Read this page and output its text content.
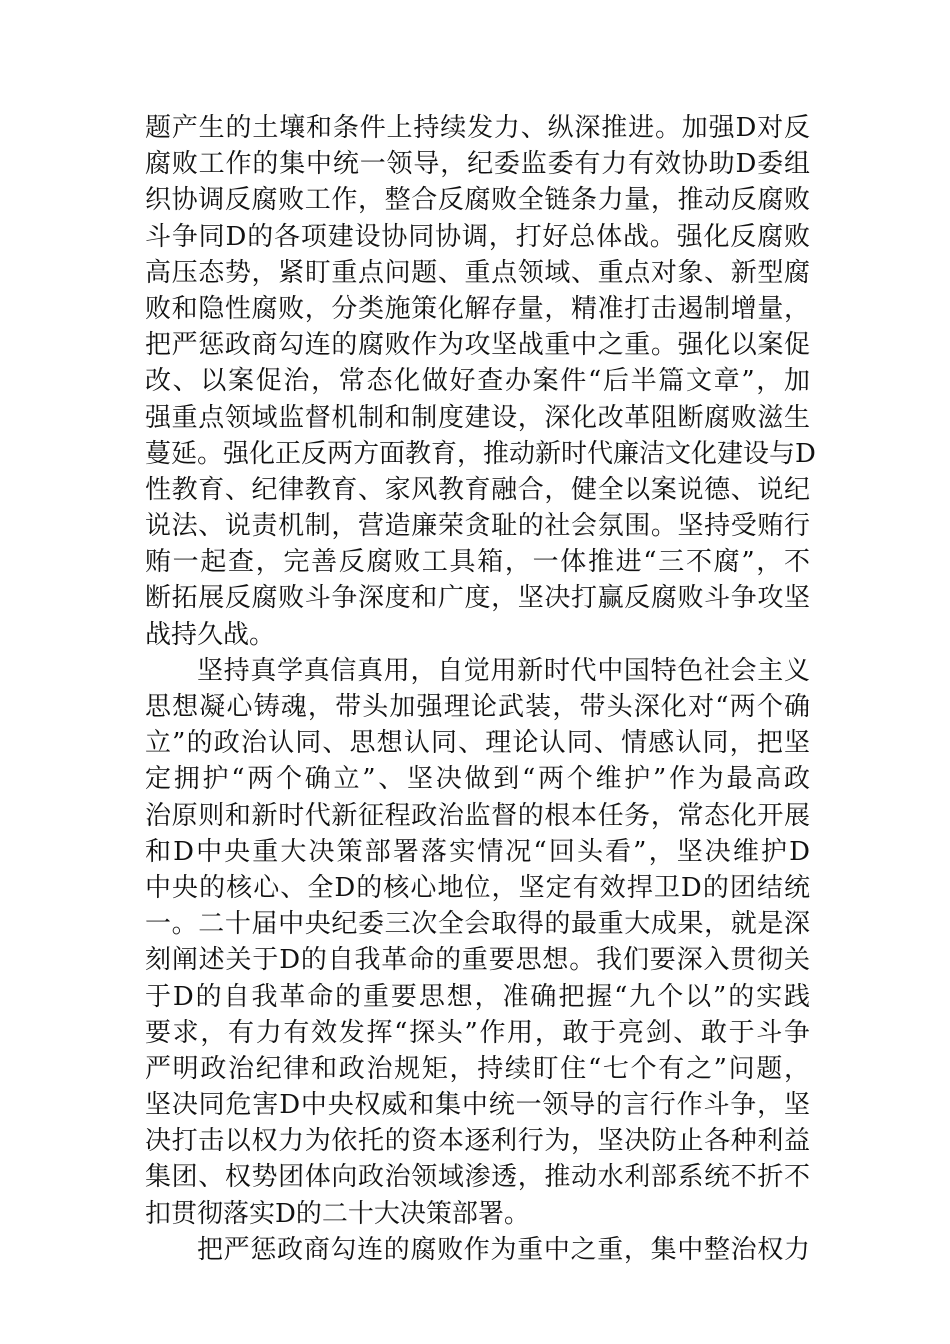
题产生的土壤和条件上持续发力、纵深推进。加强D对反
腐败工作的集中统一领导，纪委监委有力有效协助D委组
织协调反腐败工作，整合反腐败全链条力量，推动反腐败
斗争同D的各项建设协同协调，打好总体战。强化反腐败
高压态势，紧盯重点问题、重点领域、重点对象、新型腐
败和隐性腐败，分类施策化解存量，精准打击遏制增量，
把严惩政商勾连的腐败作为攻坚战重中之重。强化以案促
改、以案促治，常态化做好查办案件“后半篇文章”，加
强重点领域监督机制和制度建设，深化改革阻断腐败滋生
蔓延。强化正反两方面教育，推动新时代廉洁文化建设与D
性教育、纪律教育、家风教育融合，健全以案说德、说纪
说法、说责机制，营造廉荣贪耻的社会氛围。坚持受贿行
贿一起查，完善反腐败工具箱，一体推进“三不腐”，不
断拓展反腐败斗争深度和广度，坚决打赢反腐败斗争攻坚
战持久战。
坚持真学真信真用，自觉用新时代中国特色社会主义
思想凝心铸魂，带头加强理论武装，带头深化对“两个确
立”的政治认同、思想认同、理论认同、情感认同，把坚
定拥护“两个确立”、坚决做到“两个维护”作为最高政
治原则和新时代新征程政治监督的根本任务，常态化开展
和D中央重大决策部署落实情况“回头看”，坚决维护D
中央的核心、全D的核心地位，坚定有效捍卫D的团结统
一。二十届中央纪委三次全会取得的最重大成果，就是深
刻阐述关于D的自我革命的重要思想。我们要深入贯彻关
于D的自我革命的重要思想，准确把握“九个以”的实践
要求，有力有效发挥“探头”作用，敢于亮剑、敢于斗争
严明政治纪律和政治规矩，持续盯住“七个有之”问题，
坚决同危害D中央权威和集中统一领导的言行作斗争，坚
决打击以权力为依托的资本逐利行为，坚决防止各种利益
集团、权势团体向政治领域渗透，推动水利部系统不折不
扣贯彻落实D的二十大决策部署。
把严惩政商勾连的腐败作为重中之重，集中整治权力
